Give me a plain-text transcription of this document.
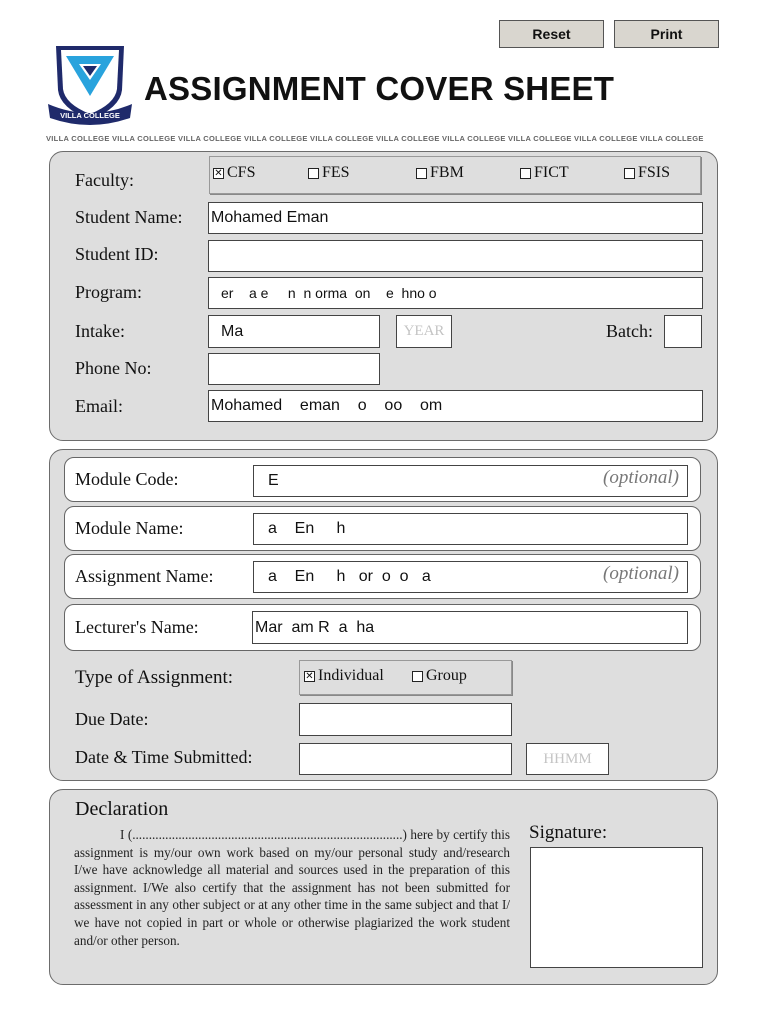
Reset	Print
VILLA COLLEGE
ASSIGNMENT COVER SHEET
VILLA COLLEGE VILLA COLLEGE VILLA COLLEGE VILLA COLLEGE VILLA COLLEGE VILLA COLLEGE VILLA COLLEGE VILLA COLLEGE VILLA COLLEGE VILLA COLLEGE
Faculty:	✕ CFS	FES	FBM	FICT	FSIS
Student Name: Mohamed Eman
Student ID:
Program:	er    a e     n  n orma  on    e  hno o
Intake:	Ma	YEAR	Batch:
Phone No:
Email:	Mohamed    eman    o    oo    om
Module Code:	E	(optional)
Module Name:	a    En     h
Assignment Name:	a    En     h   or  o  o   a	(optional)
Lecturer's Name:	Mar  am R  a  ha
Type of Assignment:	✕ Individual	Group
Due Date:
Date & Time Submitted:	HHMM
Declaration
I (..................................................................................) here by certify this assignment is my/our own work based on my/our personal study and/research I/we have acknowledge all material and sources used in the preparation of this assignment. I/We also certify that the assignment has not been submitted for assessment in any other subject or at any other time in the same subject and that I/ we have not copied in part or whole or otherwise plagiarized the work student and/or other person.
Signature:
